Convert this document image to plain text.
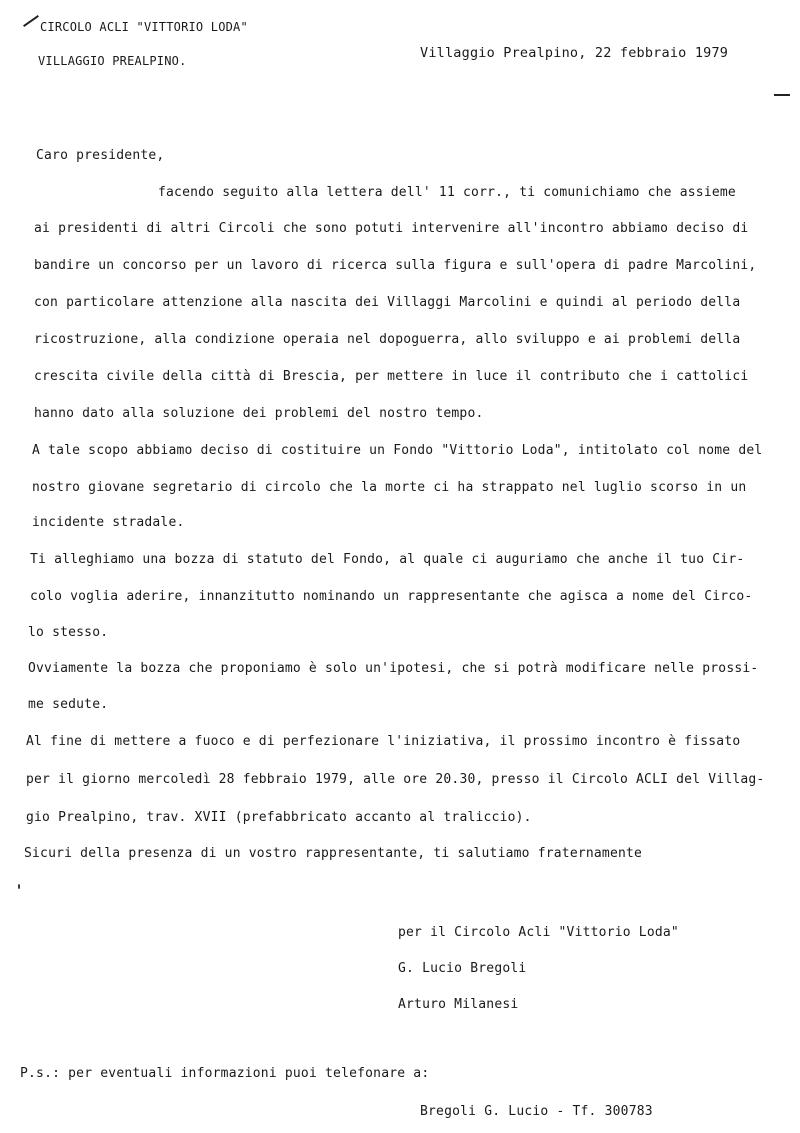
CIRCOLO ACLI "VITTORIO LODA"
VILLAGGIO PREALPINO.	Villaggio Prealpino, 22 febbraio 1979
Caro presidente,
facendo seguito alla lettera dell' 11 corr., ti comunichiamo che assieme
ai presidenti di altri Circoli che sono potuti intervenire all'incontro abbiamo deciso di
bandire un concorso per un lavoro di ricerca sulla figura e sull'opera di padre Marcolini,
con particolare attenzione alla nascita dei Villaggi Marcolini e quindi al periodo della
ricostruzione, alla condizione operaia nel dopoguerra, allo sviluppo e ai problemi della
crescita civile della città di Brescia, per mettere in luce il contributo che i cattolici
hanno dato alla soluzione dei problemi del nostro tempo.
A tale scopo abbiamo deciso di costituire un Fondo "Vittorio Loda", intitolato col nome del
nostro giovane segretario di circolo che la morte ci ha strappato nel luglio scorso in un
incidente stradale.
Ti alleghiamo una bozza di statuto del Fondo, al quale ci auguriamo che anche il tuo Cir-
colo voglia aderire, innanzitutto nominando un rappresentante che agisca a nome del Circo-
lo stesso.
Ovviamente la bozza che proponiamo è solo un'ipotesi, che si potrà modificare nelle prossi-
me sedute.
Al fine di mettere a fuoco e di perfezionare l'iniziativa, il prossimo incontro è fissato
per il giorno mercoledì 28 febbraio 1979, alle ore 20.30, presso il Circolo ACLI del Villag-
gio Prealpino, trav. XVII (prefabbricato accanto al traliccio).
Sicuri della presenza di un vostro rappresentante, ti salutiamo fraternamente
per il Circolo Acli "Vittorio Loda"
G. Lucio Bregoli
Arturo Milanesi
P.s.: per eventuali informazioni puoi telefonare a:
Bregoli G. Lucio - Tf. 300783
